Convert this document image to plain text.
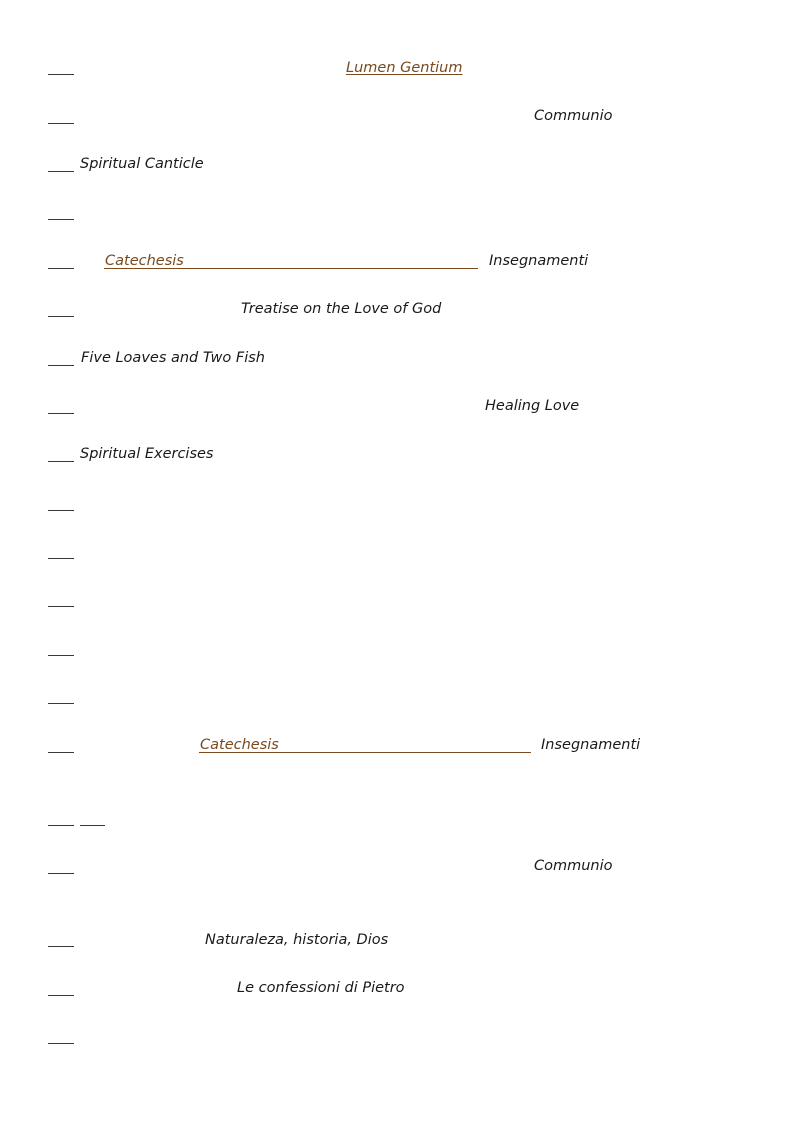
Lumen Gentium
Communio
Spiritual Canticle
Catechesis	Insegnamenti
Treatise on the Love of God
Five Loaves and Two Fish
Healing Love
Spiritual Exercises
Catechesis	Insegnamenti
Communio
Naturaleza, historia, Dios
Le confessioni di Pietro
